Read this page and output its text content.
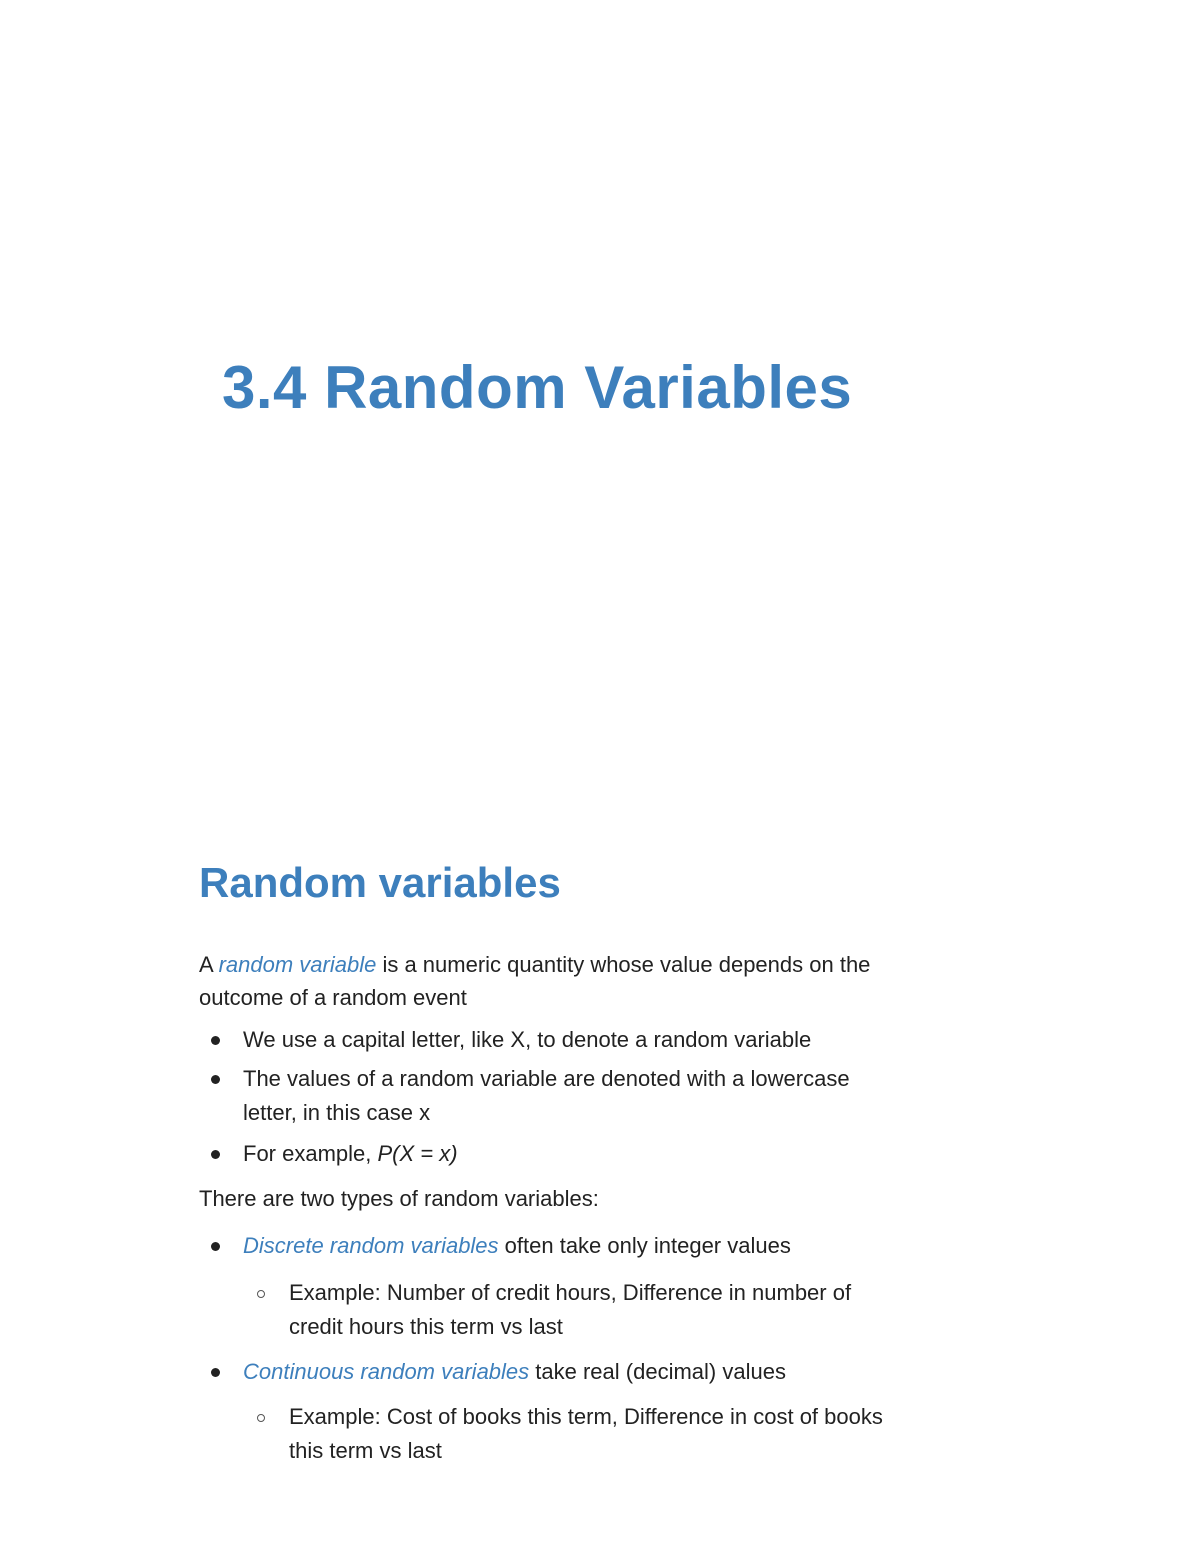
3.4 Random Variables
Random variables

A random variable is a numeric quantity whose value depends on the

outcome of a random event

We use a capital letter, like X, to denote a random variable

The values of a random variable are denoted with a lowercase

letter, in this case x

For example, P(X = x)

There are two types of random variables:

Discrete random variables often take only integer values

Example: Number of credit hours, Difference in number of

credit hours this term vs last

Continuous random variables take real (decimal) values

Example: Cost of books this term, Difference in cost of books

this term vs last
